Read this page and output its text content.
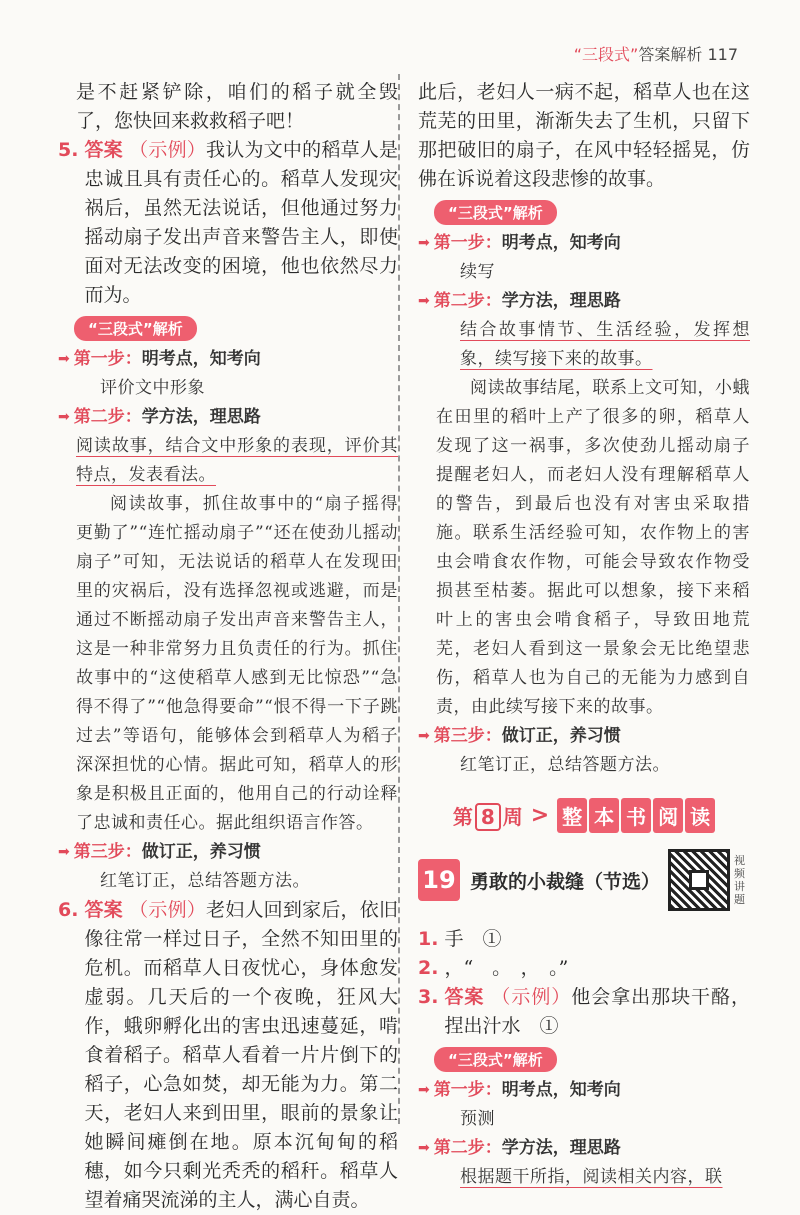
“三段式”答案解析 117

是不赶紧铲除，咱们的稻子就全毁了，您快回来救救稻子吧！

5. 答案 （示例）我认为文中的稻草人是忠诚且具有责任心的。稻草人发现灾祸后，虽然无法说话，但他通过努力摇动扇子发出声音来警告主人，即使面对无法改变的困境，他也依然尽力而为。
“三段式”解析
➡ 第一步： 明考点，知考向

评价文中形象

➡ 第二步： 学方法，理思路

阅读故事，结合文中形象的表现，评价其特点，发表看法。

阅读故事，抓住故事中的“扇子摇得更勤了”“连忙摇动扇子”“还在使劲儿摇动扇子”可知，无法说话的稻草人在发现田里的灾祸后，没有选择忽视或逃避，而是通过不断摇动扇子发出声音来警告主人，这是一种非常努力且负责任的行为。抓住故事中的“这使稻草人感到无比惊恐”“急得不得了”“他急得要命”“恨不得一下子跳过去”等语句，能够体会到稻草人为稻子深深担忧的心情。据此可知，稻草人的形象是积极且正面的，他用自己的行动诠释了忠诚和责任心。据此组织语言作答。

➡ 第三步： 做订正，养习惯

红笔订正，总结答题方法。

6. 答案 （示例）老妇人回到家后，依旧像往常一样过日子，全然不知田里的危机。而稻草人日夜忧心，身体愈发虚弱。几天后的一个夜晚，狂风大作，蛾卵孵化出的害虫迅速蔓延，啃食着稻子。稻草人看着一片片倒下的稻子，心急如焚，却无能为力。第二天，老妇人来到田里，眼前的景象让她瞬间瘫倒在地。原本沉甸甸的稻穗，如今只剩光秃秃的稻秆。稻草人望着痛哭流涕的主人，满心自责。

此后，老妇人一病不起，稻草人也在这荒芜的田里，渐渐失去了生机，只留下那把破旧的扇子，在风中轻轻摇晃，仿佛在诉说着这段悲惨的故事。

“三段式”解析
➡ 第一步： 明考点，知考向

续写

➡ 第二步： 学方法，理思路

结合故事情节、生活经验，发挥想象，续写接下来的故事。

阅读故事结尾，联系上文可知，小蛾在田里的稻叶上产了很多的卵，稻草人发现了这一祸事，多次使劲儿摇动扇子提醒老妇人，而老妇人没有理解稻草人的警告，到最后也没有对害虫采取措施。联系生活经验可知，农作物上的害虫会啃食农作物，可能会导致农作物受损甚至枯萎。据此可以想象，接下来稻叶上的害虫会啃食稻子，导致田地荒芜，老妇人看到这一景象会无比绝望悲伤，稻草人也为自己的无能为力感到自责，由此续写接下来的故事。

➡ 第三步： 做订正，养习惯

红笔订正，总结答题方法。

第 8 周 > 整 本 书 阅 读
19 勇敢的小裁缝（节选）
视频讲题
1. 手　①
2. ，“　。　，　。”
3. 答案 （示例）他会拿出那块干酪，捏出汁水　①
“三段式”解析
➡ 第一步： 明考点，知考向

预测

➡ 第二步： 学方法，理思路

根据题干所指，阅读相关内容，联
